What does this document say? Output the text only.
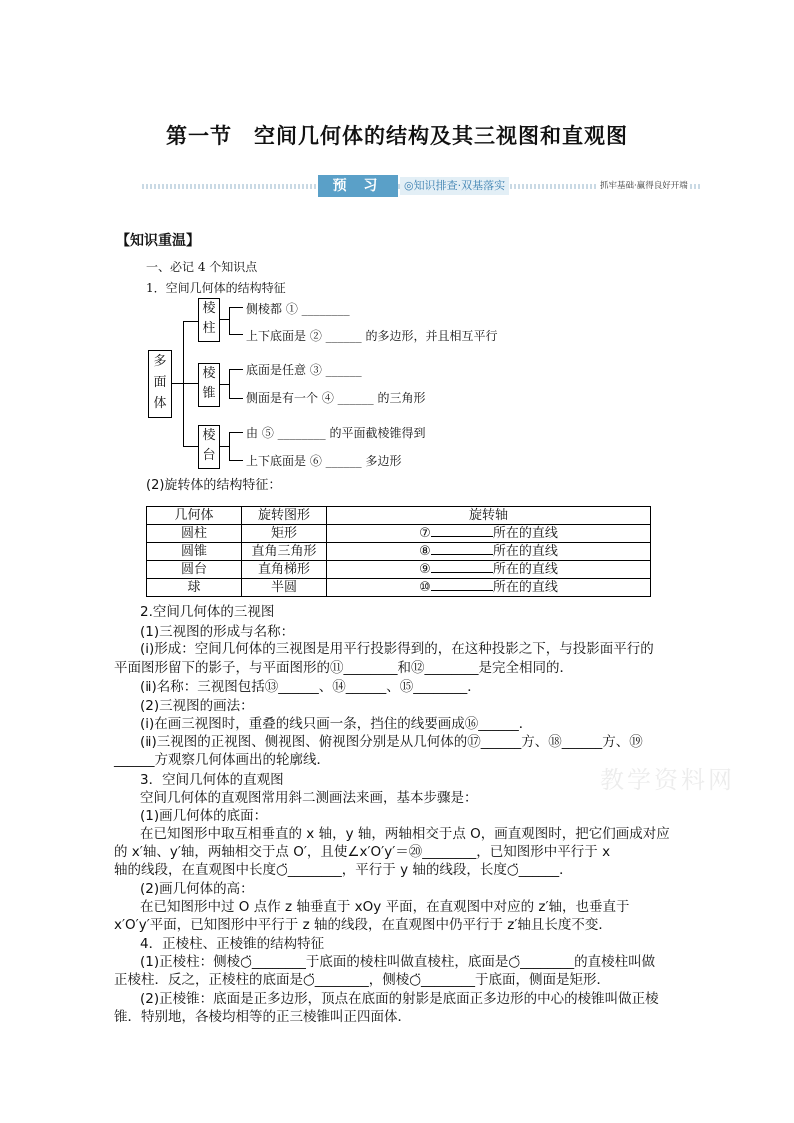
第一节　空间几何体的结构及其三视图和直观图
预 习	◎知识排查·双基落实	抓牢基础·赢得良好开端
【知识重温】
一、必记 4 个知识点
1．空间几何体的结构特征
多
面
体
棱
柱
侧棱都 ① ________
上下底面是 ② ______ 的多边形，并且相互平行
棱
锥
底面是任意 ③ ______
侧面是有一个 ④ ______ 的三角形
棱
台
由 ⑤ ________ 的平面截棱锥得到
上下底面是 ⑥ ______ 多边形
(2)旋转体的结构特征：
几何体	旋转图形	旋转轴
圆柱	矩形	⑦ 所在的直线
圆锥	直角三角形	⑧ 所在的直线
圆台	直角梯形	⑨ 所在的直线
球	半圆	⑩ 所在的直线
2.空间几何体的三视图
(1)三视图的形成与名称：
(ⅰ)形成：空间几何体的三视图是用平行投影得到的，在这种投影之下，与投影面平行的
平面图形留下的影子，与平面图形的⑪________和⑫________是完全相同的．
(ⅱ)名称：三视图包括⑬______、⑭______、⑮________．
(2)三视图的画法：
(ⅰ)在画三视图时，重叠的线只画一条，挡住的线要画成⑯______．
(ⅱ)三视图的正视图、侧视图、俯视图分别是从几何体的⑰______方、⑱______方、⑲
______方观察几何体画出的轮廓线．
3．空间几何体的直观图
空间几何体的直观图常用斜二测画法来画，基本步骤是：
(1)画几何体的底面：
在已知图形中取互相垂直的 x 轴，y 轴，两轴相交于点 O，画直观图时，把它们画成对应
的 x′轴、y′轴，两轴相交于点 O′，且使∠x′O′y′＝⑳________，已知图形中平行于 x
轴的线段，在直观图中长度○̈________，平行于 y 轴的线段，长度○̈______．
(2)画几何体的高：
在已知图形中过 O 点作 z 轴垂直于 xOy 平面，在直观图中对应的 z′轴，也垂直于
x′O′y′平面，已知图形中平行于 z 轴的线段，在直观图中仍平行于 z′轴且长度不变．
4．正棱柱、正棱锥的结构特征
(1)正棱柱：侧棱○̈________于底面的棱柱叫做直棱柱，底面是○̈________的直棱柱叫做
正棱柱．反之，正棱柱的底面是○̈________，侧棱○̈________于底面，侧面是矩形．
(2)正棱锥：底面是正多边形，顶点在底面的射影是底面正多边形的中心的棱锥叫做正棱
锥．特别地，各棱均相等的正三棱锥叫正四面体．
教学资料网
